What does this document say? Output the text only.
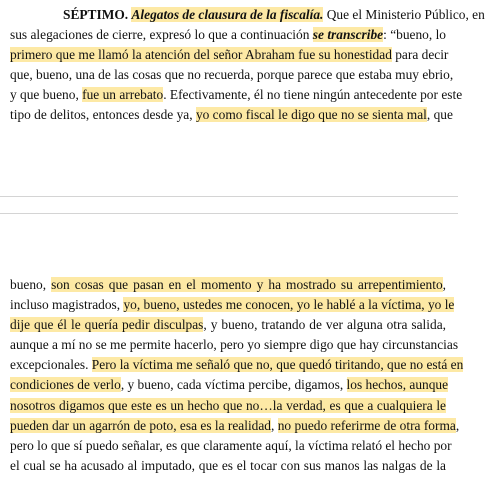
SÉPTIMO. Alegatos de clausura de la fiscalía. Que el Ministerio Público, en
sus alegaciones de cierre, expresó lo que a continuación se transcribe: “bueno, lo
primero que me llamó la atención del señor Abraham fue su honestidad para decir
que, bueno, una de las cosas que no recuerda, porque parece que estaba muy ebrio,
y que bueno, fue un arrebato. Efectivamente, él no tiene ningún antecedente por este
tipo de delitos, entonces desde ya, yo como fiscal le digo que no se sienta mal, que
bueno, son cosas que pasan en el momento y ha mostrado su arrepentimiento,
incluso magistrados, yo, bueno, ustedes me conocen, yo le hablé a la víctima, yo le
dije que él le quería pedir disculpas, y bueno, tratando de ver alguna otra salida,
aunque a mí no se me permite hacerlo, pero yo siempre digo que hay circunstancias
excepcionales. Pero la víctima me señaló que no, que quedó tiritando, que no está en
condiciones de verlo, y bueno, cada víctima percibe, digamos, los hechos, aunque
nosotros digamos que este es un hecho que no…la verdad, es que a cualquiera le
pueden dar un agarrón de poto, esa es la realidad, no puedo referirme de otra forma,
pero lo que sí puedo señalar, es que claramente aquí, la víctima relató el hecho por
el cual se ha acusado al imputado, que es el tocar con sus manos las nalgas de la
